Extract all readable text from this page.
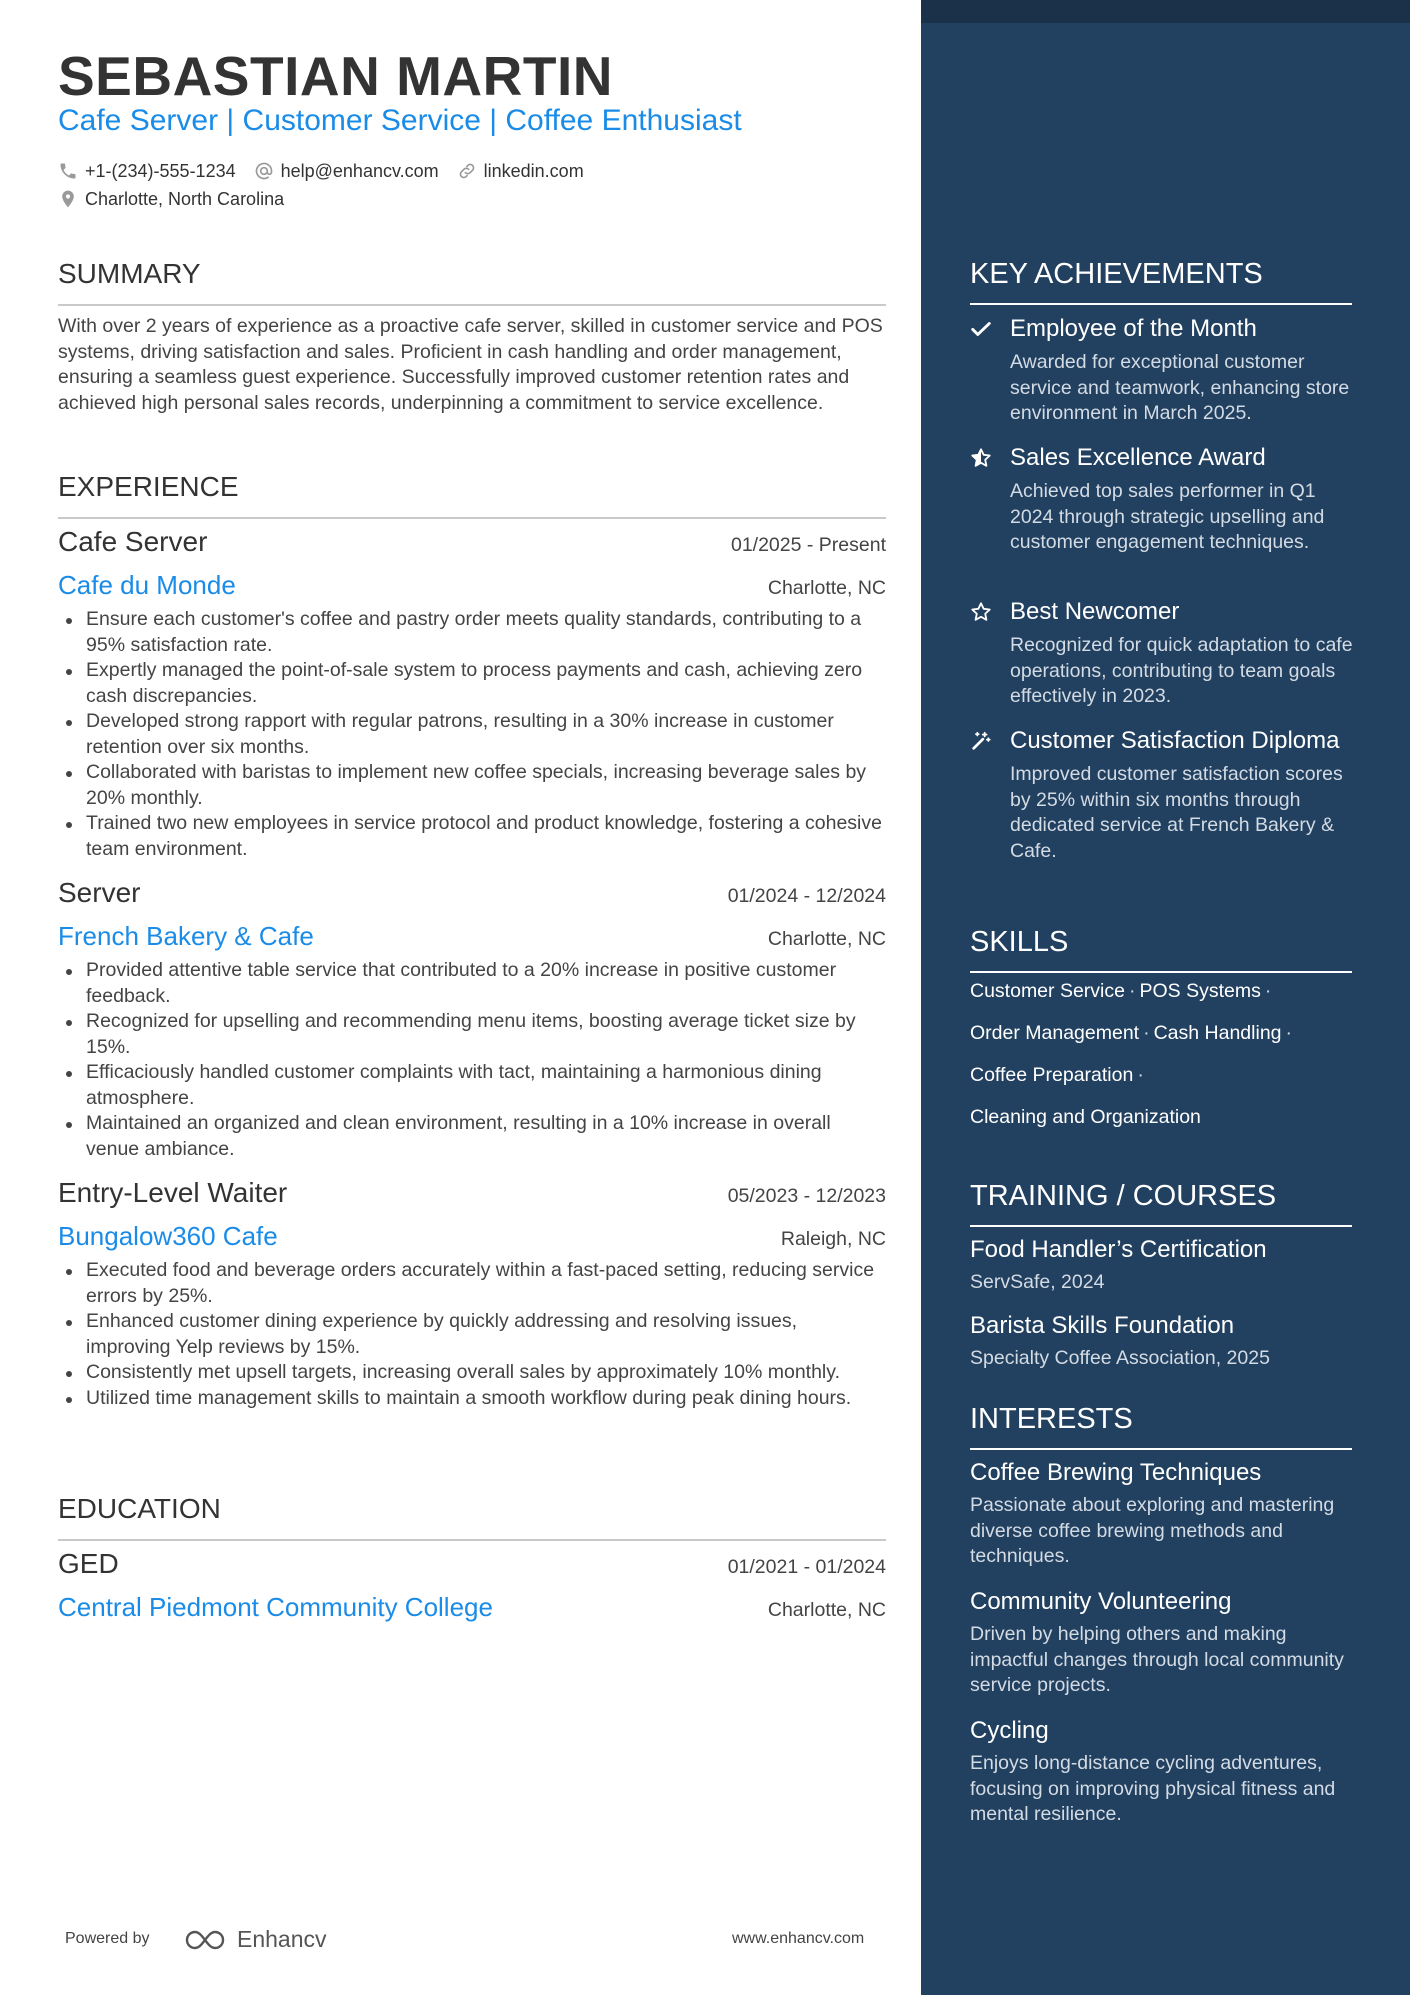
SEBASTIAN MARTIN
Cafe Server | Customer Service | Coffee Enthusiast
+1-(234)-555-1234	help@enhancv.com	linkedin.com
Charlotte, North Carolina
SUMMARY
With over 2 years of experience as a proactive cafe server, skilled in customer service and POS systems, driving satisfaction and sales. Proficient in cash handling and order management, ensuring a seamless guest experience. Successfully improved customer retention rates and achieved high personal sales records, underpinning a commitment to service excellence.
EXPERIENCE
Cafe Server	01/2025 - Present
Cafe du Monde	Charlotte, NC
Ensure each customer's coffee and pastry order meets quality standards, contributing to a 95% satisfaction rate.
Expertly managed the point-of-sale system to process payments and cash, achieving zero cash discrepancies.
Developed strong rapport with regular patrons, resulting in a 30% increase in customer retention over six months.
Collaborated with baristas to implement new coffee specials, increasing beverage sales by 20% monthly.
Trained two new employees in service protocol and product knowledge, fostering a cohesive team environment.
Server	01/2024 - 12/2024
French Bakery & Cafe	Charlotte, NC
Provided attentive table service that contributed to a 20% increase in positive customer feedback.
Recognized for upselling and recommending menu items, boosting average ticket size by 15%.
Efficaciously handled customer complaints with tact, maintaining a harmonious dining atmosphere.
Maintained an organized and clean environment, resulting in a 10% increase in overall venue ambiance.
Entry-Level Waiter	05/2023 - 12/2023
Bungalow360 Cafe	Raleigh, NC
Executed food and beverage orders accurately within a fast-paced setting, reducing service errors by 25%.
Enhanced customer dining experience by quickly addressing and resolving issues, improving Yelp reviews by 15%.
Consistently met upsell targets, increasing overall sales by approximately 10% monthly.
Utilized time management skills to maintain a smooth workflow during peak dining hours.
EDUCATION
GED	01/2021 - 01/2024
Central Piedmont Community College	Charlotte, NC
Powered by	Enhancv	www.enhancv.com
KEY ACHIEVEMENTS
Employee of the Month
Awarded for exceptional customer service and teamwork, enhancing store environment in March 2025.
Sales Excellence Award
Achieved top sales performer in Q1 2024 through strategic upselling and customer engagement techniques.
Best Newcomer
Recognized for quick adaptation to cafe operations, contributing to team goals effectively in 2023.
Customer Satisfaction Diploma
Improved customer satisfaction scores by 25% within six months through dedicated service at French Bakery & Cafe.
SKILLS
Customer Service · POS Systems ·
Order Management · Cash Handling ·
Coffee Preparation ·
Cleaning and Organization
TRAINING / COURSES
Food Handler’s Certification
ServSafe, 2024
Barista Skills Foundation
Specialty Coffee Association, 2025
INTERESTS
Coffee Brewing Techniques
Passionate about exploring and mastering diverse coffee brewing methods and techniques.
Community Volunteering
Driven by helping others and making impactful changes through local community service projects.
Cycling
Enjoys long-distance cycling adventures, focusing on improving physical fitness and mental resilience.
